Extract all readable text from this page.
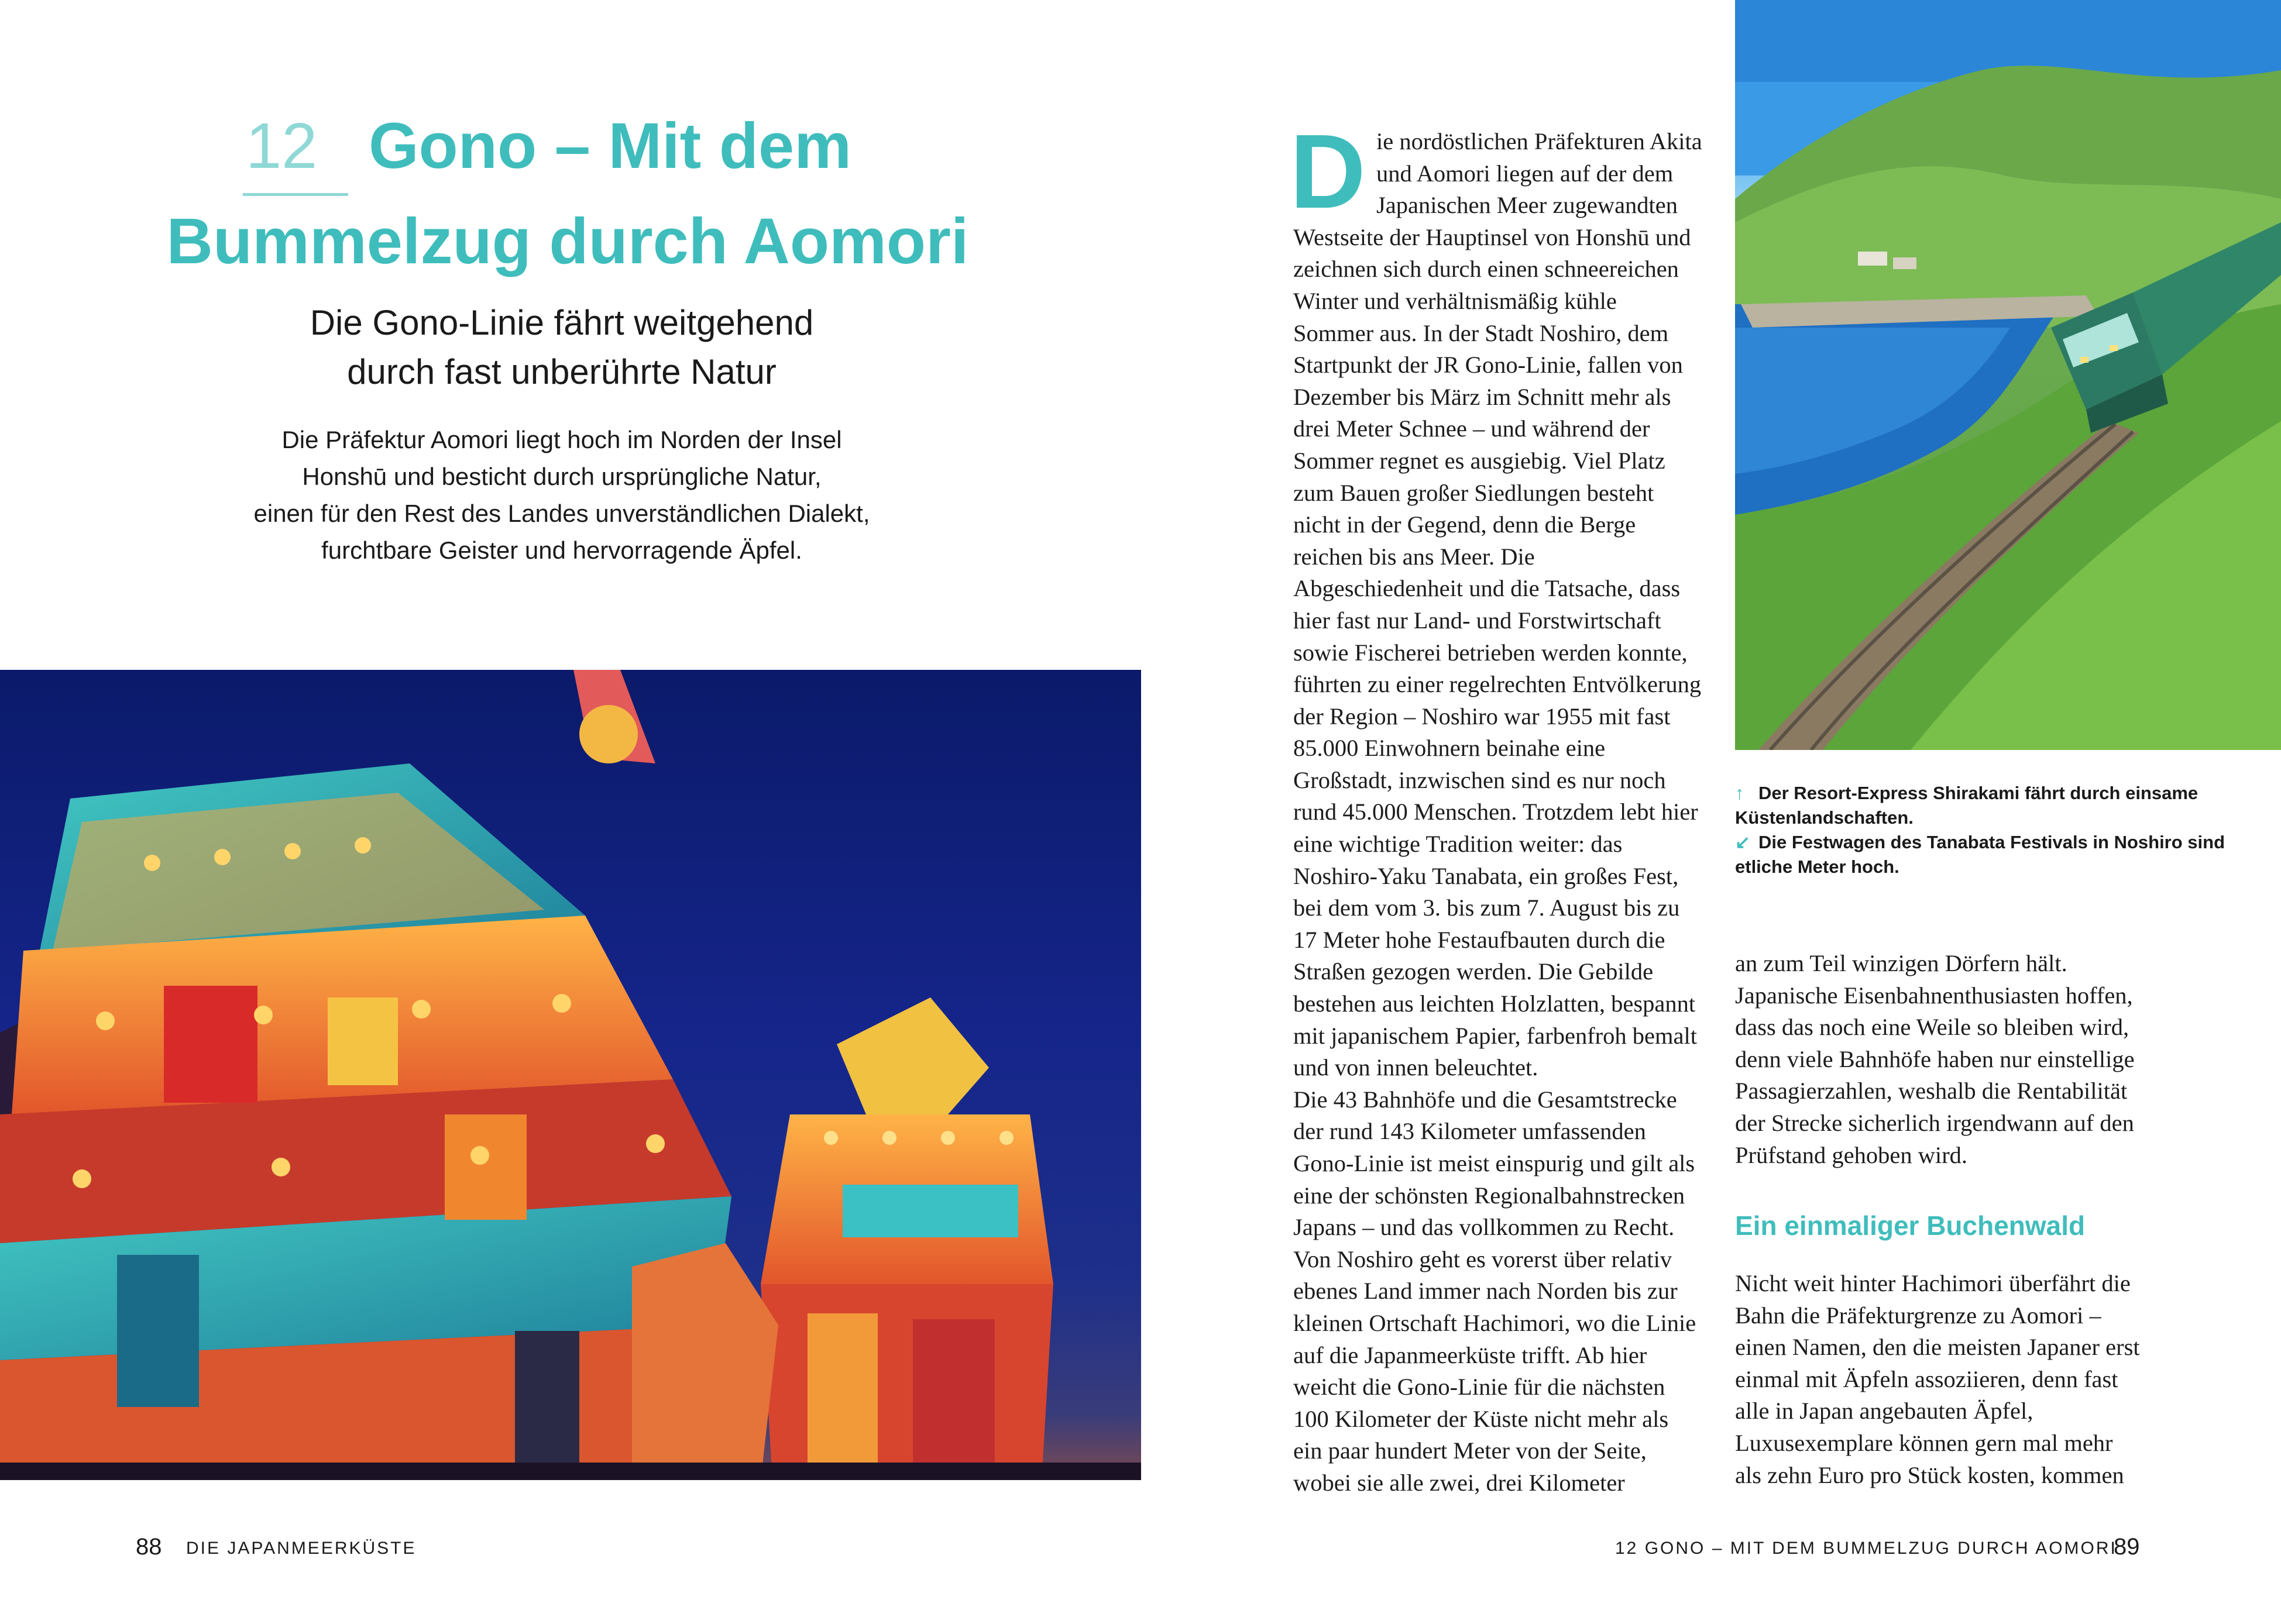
12 Gono – Mit dem
Bummelzug durch Aomori
Die Gono-Linie fährt weitgehend
durch fast unberührte Natur
Die Präfektur Aomori liegt hoch im Norden der Insel
Honshū und besticht durch ursprüngliche Natur,
einen für den Rest des Landes unverständlichen Dialekt,
furchtbare Geister und hervorragende Äpfel.
88 DIE JAPANMEERKÜSTE

Die nordöstlichen Präfekturen Akita und Aomori liegen auf der dem Japanischen Meer zugewandten Westseite der Hauptinsel von Honshū und zeichnen sich durch einen schneereichen Winter und verhältnismäßig kühle Sommer aus. In der Stadt Noshiro, dem Startpunkt der JR Gono-Linie, fallen von Dezember bis März im Schnitt mehr als drei Meter Schnee – und während der Sommer regnet es ausgiebig. Viel Platz zum Bauen großer Siedlungen besteht nicht in der Gegend, denn die Berge reichen bis ans Meer. Die Abgeschiedenheit und die Tatsache, dass hier fast nur Land- und Forstwirtschaft sowie Fischerei betrieben werden konnte, führten zu einer regelrechten Entvölkerung der Region – Noshiro war 1955 mit fast 85.000 Einwohnern beinahe eine Großstadt, inzwischen sind es nur noch rund 45.000 Menschen. Trotzdem lebt hier eine wichtige Tradition weiter: das Noshiro-Yaku Tanabata, ein großes Fest, bei dem vom 3. bis zum 7. August bis zu 17 Meter hohe Festaufbauten durch die Straßen gezogen werden. Die Gebilde bestehen aus leichten Holzlatten, bespannt mit japanischem Papier, farbenfroh bemalt und von innen beleuchtet.

Die 43 Bahnhöfe und die Gesamtstrecke der rund 143 Kilometer umfassenden Gono-Linie ist meist einspurig und gilt als eine der schönsten Regionalbahnstrecken Japans – und das vollkommen zu Recht. Von Noshiro geht es vorerst über relativ ebenes Land immer nach Norden bis zur kleinen Ortschaft Hachimori, wo die Linie auf die Japanmeerküste trifft. Ab hier weicht die Gono-Linie für die nächsten 100 Kilometer der Küste nicht mehr als ein paar hundert Meter von der Seite, wobei sie alle zwei, drei Kilometer

↑ Der Resort-Express Shirakami fährt durch einsame Küstenlandschaften.
↙ Die Festwagen des Tanabata Festivals in Noshiro sind etliche Meter hoch.

an zum Teil winzigen Dörfern hält. Japanische Eisenbahnenthusiasten hoffen, dass das noch eine Weile so bleiben wird, denn viele Bahnhöfe haben nur einstellige Passagierzahlen, weshalb die Rentabilität der Strecke sicherlich irgendwann auf den Prüfstand gehoben wird.

Ein einmaliger Buchenwald

Nicht weit hinter Hachimori überfährt die Bahn die Präfekturgrenze zu Aomori – einen Namen, den die meisten Japaner erst einmal mit Äpfeln assoziieren, denn fast alle in Japan angebauten Äpfel, Luxusexemplare können gern mal mehr als zehn Euro pro Stück kosten, kommen

12 GONO – MIT DEM BUMMELZUG DURCH AOMORI
89
